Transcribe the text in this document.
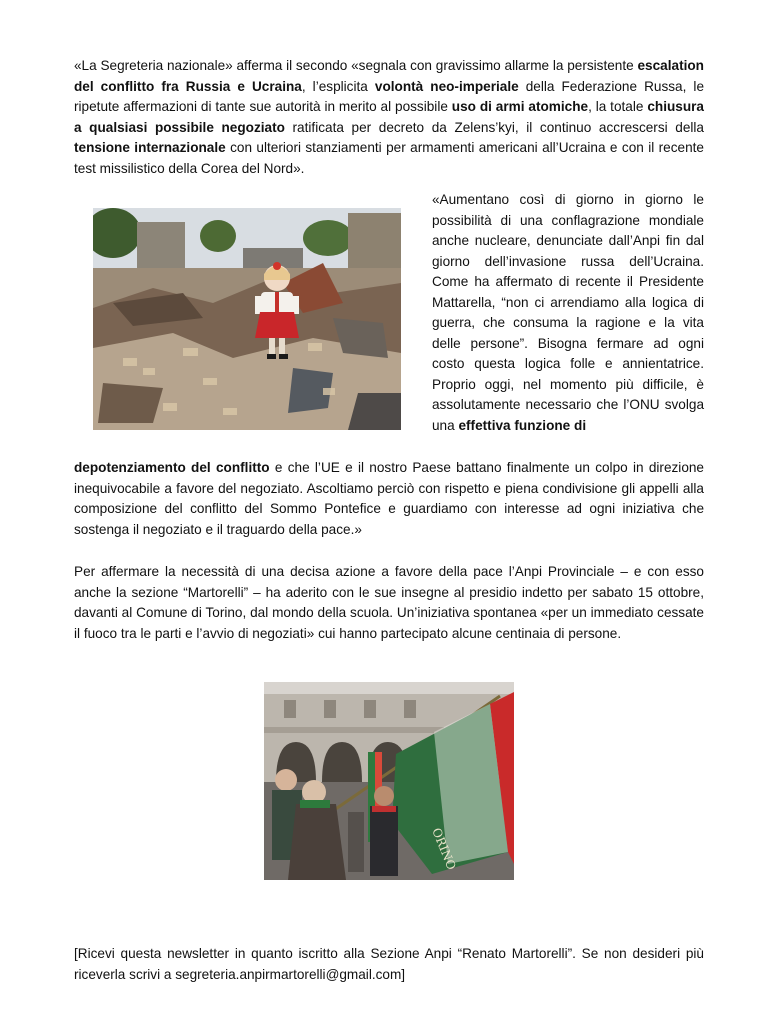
«La Segreteria nazionale» afferma il secondo «segnala con gravissimo allarme la persistente escalation del conflitto fra Russia e Ucraina, l’esplicita volontà neo-imperiale della Federazione Russa, le ripetute affermazioni di tante sue autorità in merito al possibile uso di armi atomiche, la totale chiusura a qualsiasi possibile negoziato ratificata per decreto da Zelens’kyi, il continuo accrescersi della tensione internazionale con ulteriori stanziamenti per armamenti americani all’Ucraina e con il recente test missilistico della Corea del Nord».

«Aumentano così di giorno in giorno le possibilità di una conflagrazione mondiale anche nucleare, denunciate dall’Anpi fin dal giorno dell’invasione russa dell’Ucraina. Come ha affermato di recente il Presidente Mattarella, “non ci arrendiamo alla logica di guerra, che consuma la ragione e la vita delle persone”. Bisogna fermare ad ogni costo questa logica folle e annientatrice. Proprio oggi, nel momento più difficile, è assolutamente necessario che l’ONU svolga una effettiva funzione di

depotenziamento del conflitto e che l’UE e il nostro Paese battano finalmente un colpo in direzione inequivocabile a favore del negoziato. Ascoltiamo perciò con rispetto e piena condivisione gli appelli alla composizione del conflitto del Sommo Pontefice e guardiamo con interesse ad ogni iniziativa che sostenga il negoziato e il traguardo della pace.»

Per affermare la necessità di una decisa azione a favore della pace l’Anpi Provinciale – e con esso anche la sezione “Martorelli” – ha aderito con le sue insegne al presidio indetto per sabato 15 ottobre, davanti al Comune di Torino, dal mondo della scuola. Un’iniziativa spontanea «per un immediato cessate il fuoco tra le parti e l’avvio di negoziati» cui hanno partecipato alcune centinaia di persone.

ORINO

[Ricevi questa newsletter in quanto iscritto alla Sezione Anpi “Renato Martorelli”. Se non desideri più riceverla scrivi a segreteria.anpirmartorelli@gmail.com]
